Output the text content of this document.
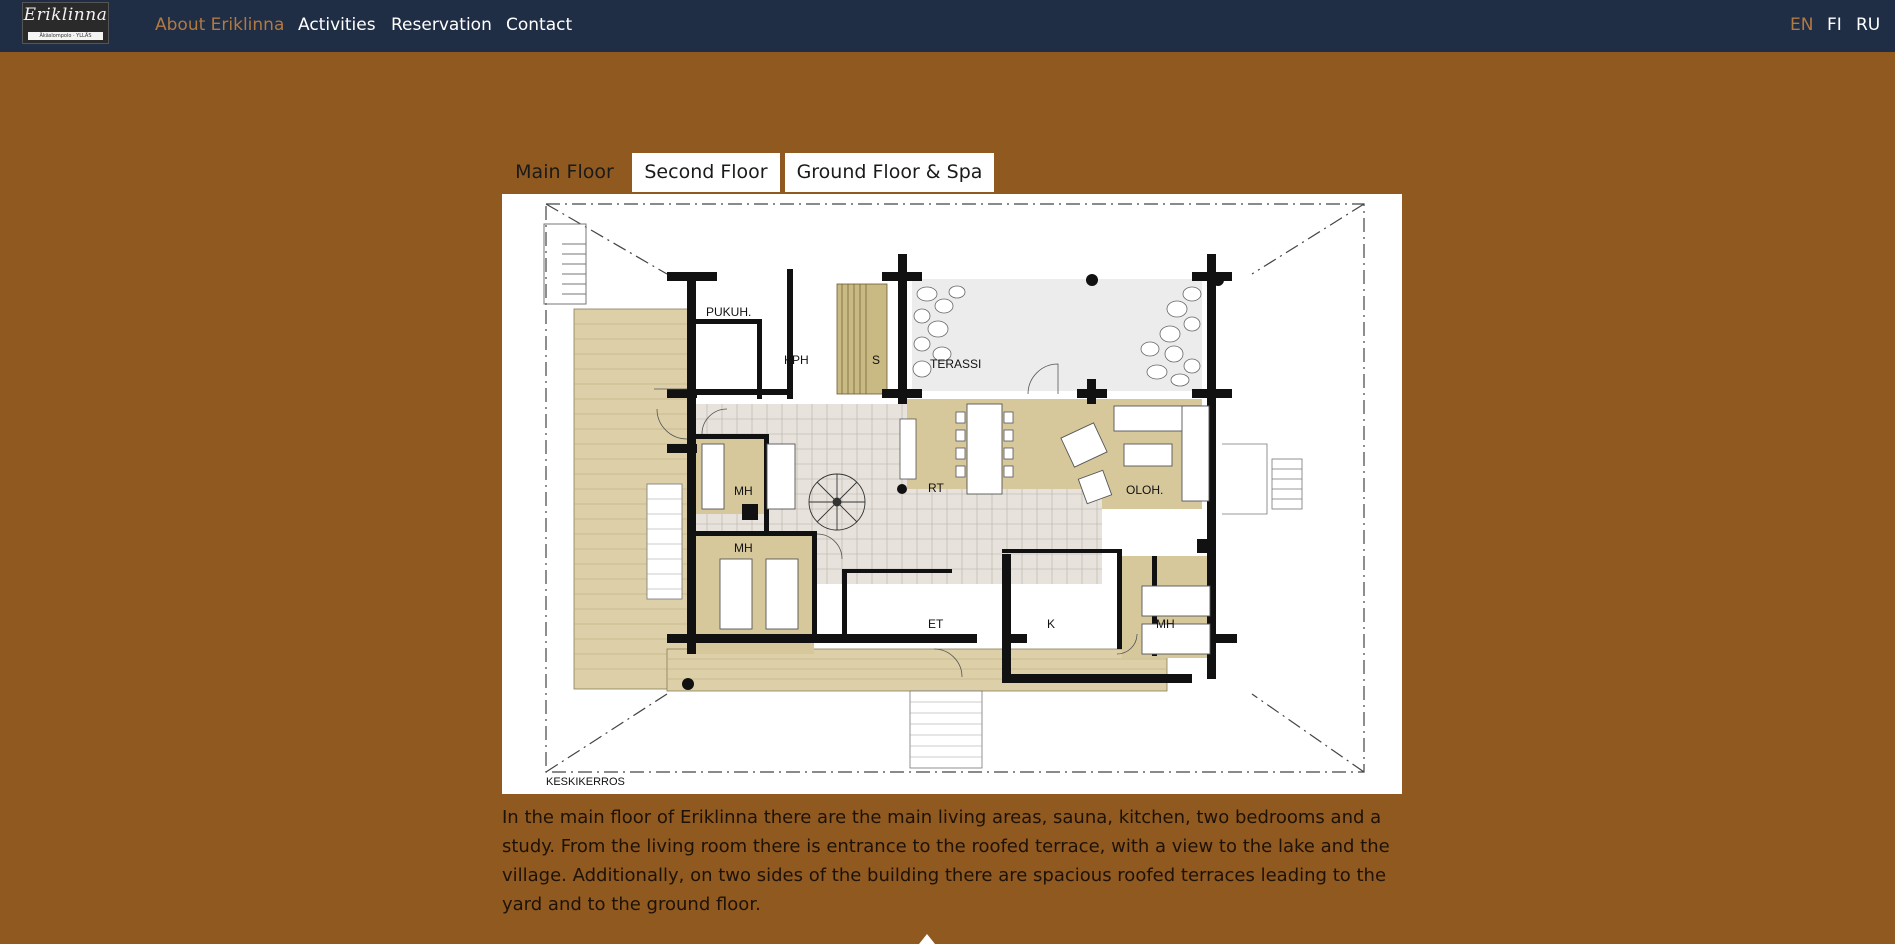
Eriklinna
Äkäslompolo · YLLÄS
About Eriklinna Activities Reservation Contact	EN FI RU
Main Floor	Second Floor	Ground Floor & Spa
PUKUH.
KPH	S	TERASSI
MH
MH
RT	OLOH.
ET	K	MH
KESKIKERROS

In the main floor of Eriklinna there are the main living areas, sauna, kitchen, two bedrooms and a study. From the living room there is entrance to the roofed terrace, with a view to the lake and the village. Additionally, on two sides of the building there are spacious roofed terraces leading to the yard and to the ground floor.
